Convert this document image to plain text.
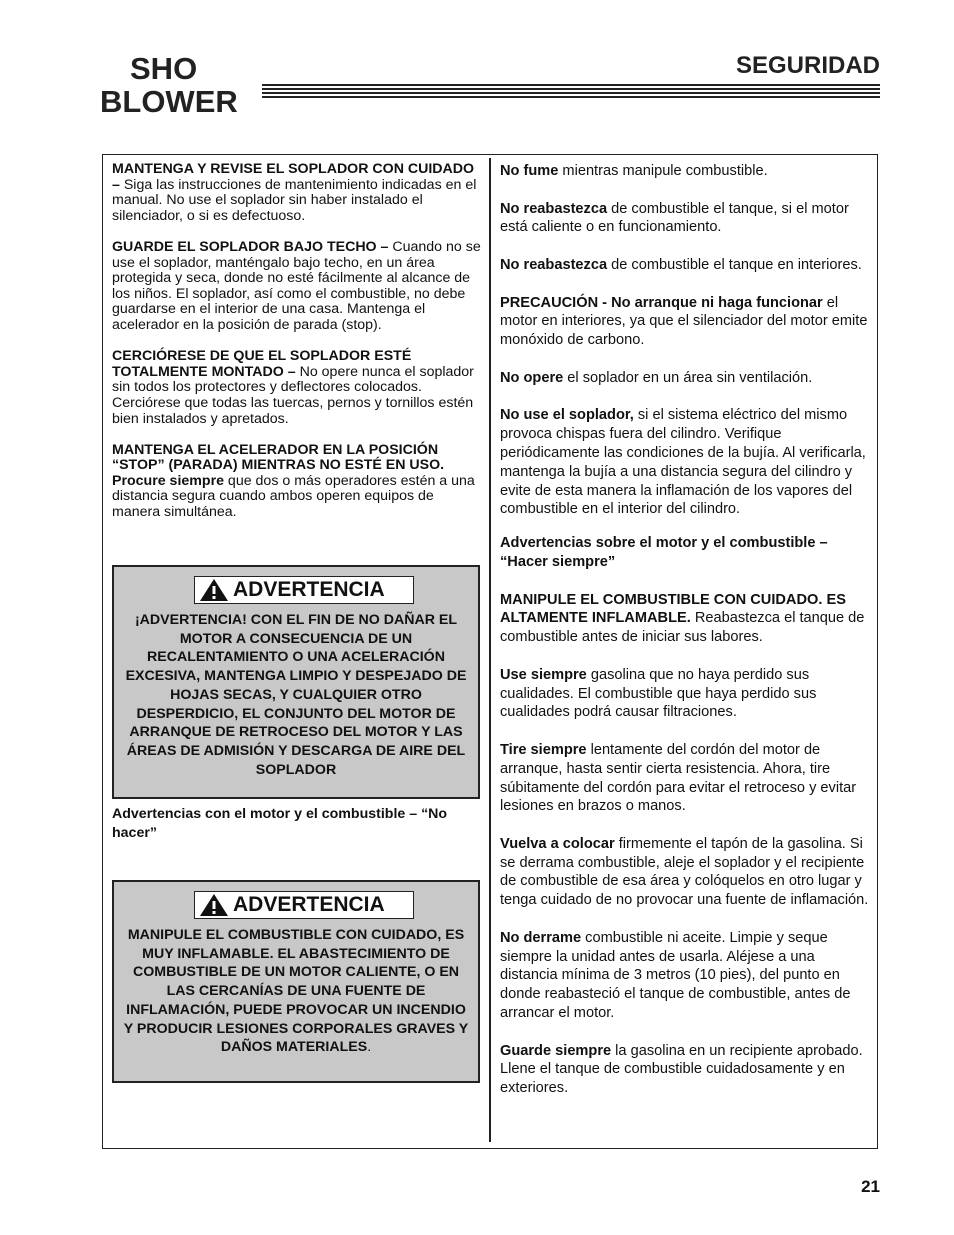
SHO
BLOWER
SEGURIDAD

MANTENGA Y REVISE EL SOPLADOR CON CUIDADO – Siga las instrucciones de mantenimiento indicadas en el manual. No use el soplador sin haber instalado el silenciador, o si es defectuoso.

GUARDE EL SOPLADOR BAJO TECHO – Cuando no se use el soplador, manténgalo bajo techo, en un área protegida y seca, donde no esté fácilmente al alcance de los niños. El soplador, así como el combustible, no debe guardarse en el interior de una casa. Mantenga el acelerador en la posición de parada (stop).

CERCIÓRESE DE QUE EL SOPLADOR ESTÉ TOTALMENTE MONTADO – No opere nunca el soplador sin todos los protectores y deflectores colocados. Cerciórese que todas las tuercas, pernos y tornillos estén bien instalados y apretados.

MANTENGA EL ACELERADOR EN LA POSICIÓN “STOP” (PARADA) MIENTRAS NO ESTÉ EN USO. Procure siempre que dos o más operadores estén a una distancia segura cuando ambos operen equipos de manera simultánea.

ADVERTENCIA
¡ADVERTENCIA! CON EL FIN DE NO DAÑAR EL MOTOR A CONSECUENCIA DE UN RECALENTAMIENTO O UNA ACELERACIÓN EXCESIVA, MANTENGA LIMPIO Y DESPEJADO DE HOJAS SECAS, Y CUALQUIER OTRO DESPERDICIO, EL CONJUNTO DEL MOTOR DE ARRANQUE DE RETROCESO DEL MOTOR Y LAS ÁREAS DE ADMISIÓN Y DESCARGA DE AIRE DEL SOPLADOR
Advertencias con el motor y el combustible – “No hacer”
ADVERTENCIA
MANIPULE EL COMBUSTIBLE CON CUIDADO, ES MUY INFLAMABLE. EL ABASTECIMIENTO DE COMBUSTIBLE DE UN MOTOR CALIENTE, O EN LAS CERCANÍAS DE UNA FUENTE DE INFLAMACIÓN, PUEDE PROVOCAR UN INCENDIO Y PRODUCIR LESIONES CORPORALES GRAVES Y DAÑOS MATERIALES.

No fume mientras manipule combustible.

No reabastezca de combustible el tanque, si el motor está caliente o en funcionamiento.

No reabastezca de combustible el tanque en interiores.

PRECAUCIÓN - No arranque ni haga funcionar el motor en interiores, ya que el silenciador del motor emite monóxido de carbono.

No opere el soplador en un área sin ventilación.

No use el soplador, si el sistema eléctrico del mismo provoca chispas fuera del cilindro. Verifique periódicamente las condiciones de la bujía. Al verificarla, mantenga la bujía a una distancia segura del cilindro y evite de esta manera la inflamación de los vapores del combustible en el interior del cilindro.

Advertencias sobre el motor y el combustible – “Hacer siempre”

MANIPULE EL COMBUSTIBLE CON CUIDADO. ES ALTAMENTE INFLAMABLE. Reabastezca el tanque de combustible antes de iniciar sus labores.

Use siempre gasolina que no haya perdido sus cualidades. El combustible que haya perdido sus cualidades podrá causar filtraciones.

Tire siempre lentamente del cordón del motor de arranque, hasta sentir cierta resistencia. Ahora, tire súbitamente del cordón para evitar el retroceso y evitar lesiones en brazos o manos.

Vuelva a colocar firmemente el tapón de la gasolina. Si se derrama combustible, aleje el soplador y el recipiente de combustible de esa área y colóquelos en otro lugar y tenga cuidado de no provocar una fuente de inflamación.

No derrame combustible ni aceite. Limpie y seque siempre la unidad antes de usarla. Aléjese a una distancia mínima de 3 metros (10 pies), del punto en donde reabasteció el tanque de combustible, antes de arrancar el motor.

Guarde siempre la gasolina en un recipiente aprobado. Llene el tanque de combustible cuidadosamente y en exteriores.

21
